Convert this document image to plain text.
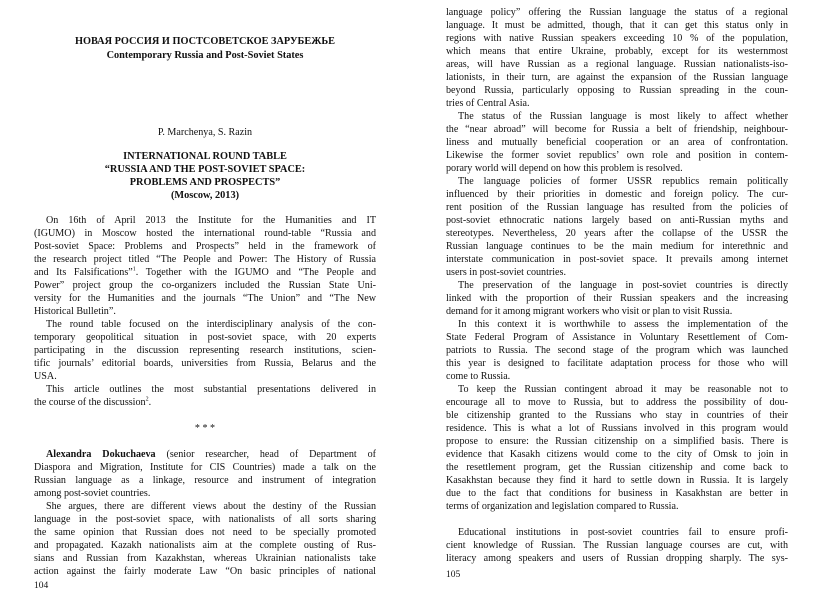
НОВАЯ РОССИЯ И ПОСТСОВЕТСКОЕ ЗАРУБЕЖЬЕ
Contemporary Russia and Post-Soviet States
P. Marchenya, S. Razin
INTERNATIONAL ROUND TABLE
“RUSSIA AND THE POST-SOVIET SPACE:
PROBLEMS AND PROSPECTS”
(Moscow, 2013)
On 16th of April 2013 the Institute for the Humanities and IT
(IGUMO) in Moscow hosted the international round-table “Russia and
Post-soviet Space: Problems and Prospects” held in the framework of
the research project titled “The People and Power: The History of Russia
and Its Falsifications”$^1$. Together with the IGUMO and “The People and
Power” project group the co-organizers included the Russian State Uni-
versity for the Humanities and the journals “The Union” and “The New
Historical Bulletin”.
The round table focused on the interdisciplinary analysis of the con-
temporary geopolitical situation in post-soviet space, with 20 experts
participating in the discussion representing research institutions, scien-
tific journals’ editorial boards, universities from Russia, Belarus and the
USA.
This article outlines the most substantial presentations delivered in
the course of the discussion$^2$.
* * *
Alexandra Dokuchaeva (senior researcher, head of Department of
Diaspora and Migration, Institute for CIS Countries) made a talk on the
Russian language as a linkage, resource and instrument of integration
among post-soviet countries.
She argues, there are different views about the destiny of the Russian
language in the post-soviet space, with nationalists of all sorts sharing
the same opinion that Russian does not need to be specially promoted
and propagated. Kazakh nationalists aim at the complete ousting of Rus-
sians and Russian from Kazakhstan, whereas Ukrainian nationalists take
action against the fairly moderate Law “On basic principles of national
104
language policy” offering the Russian language the status of a regional
language. It must be admitted, though, that it can get this status only in
regions with native Russian speakers exceeding 10 % of the population,
which means that entire Ukraine, probably, except for its westernmost
areas, will have Russian as a regional language. Russian nationalists-iso-
lationists, in their turn, are against the expansion of the Russian language
beyond Russia, particularly opposing to Russian spreading in the coun-
tries of Central Asia.
The status of the Russian language is most likely to affect whether
the “near abroad” will become for Russia a belt of friendship, neighbour-
liness and mutually beneficial cooperation or an area of confrontation.
Likewise the former soviet republics’ own role and position in contem-
porary world will depend on how this problem is resolved.
The language policies of former USSR republics remain politically
influenced by their priorities in domestic and foreign policy. The cur-
rent position of the Russian language has resulted from the policies of
post-soviet ethnocratic nations largely based on anti-Russian myths and
stereotypes. Nevertheless, 20 years after the collapse of the USSR the
Russian language continues to be the main medium for interethnic and
interstate communication in post-soviet space. It prevails among internet
users in post-soviet countries.
The preservation of the language in post-soviet countries is directly
linked with the proportion of their Russian speakers and the increasing
demand for it among migrant workers who visit or plan to visit Russia.
In this context it is worthwhile to assess the implementation of the
State Federal Program of Assistance in Voluntary Resettlement of Com-
patriots to Russia. The second stage of the program which was launched
this year is designed to facilitate adaptation process for those who will
come to Russia.
To keep the Russian contingent abroad it may be reasonable not to
encourage all to move to Russia, but to address the possibility of dou-
ble citizenship granted to the Russians who stay in countries of their
residence. This is what a lot of Russians involved in this program would
propose to ensure: the Russian citizenship on a simplified basis. There is
evidence that Kasakh citizens would come to the city of Omsk to join in
the resettlement program, get the Russian citizenship and come back to
Kasakhstan because they find it hard to settle down in Russia. It is largely
due to the fact that conditions for business in Kasakhstan are better in
terms of organization and legislation compared to Russia.
Educational institutions in post-soviet countries fail to ensure profi-
cient knowledge of Russian. The Russian language courses are cut, with
literacy among speakers and users of Russian dropping sharply. The sys-
105
